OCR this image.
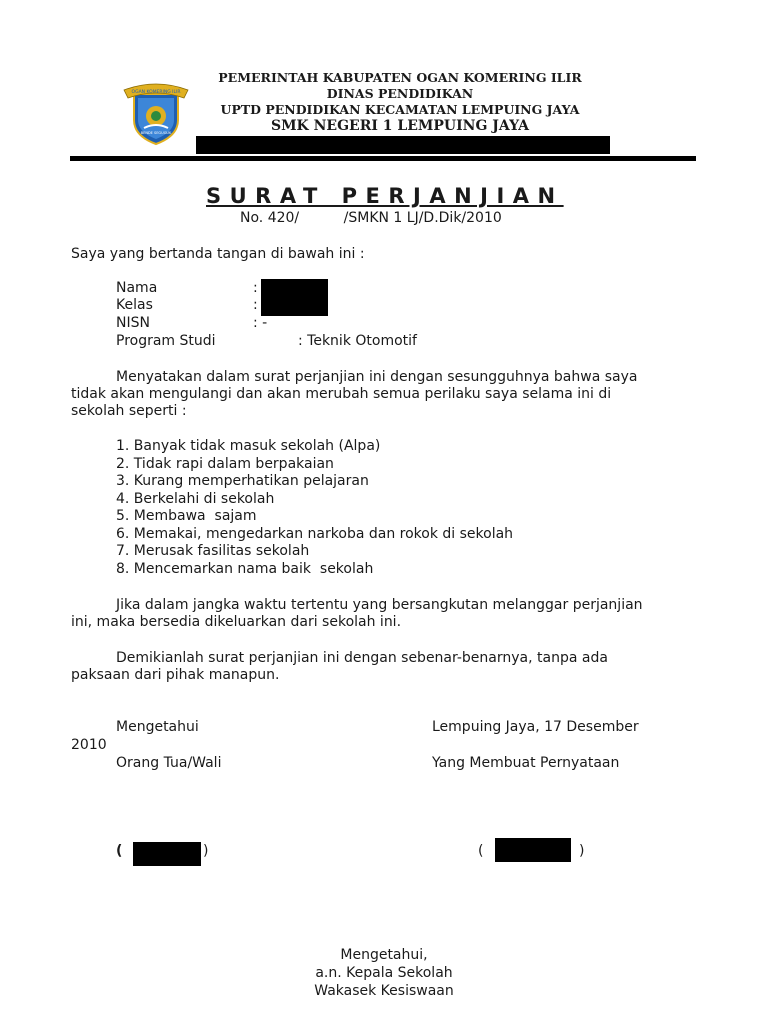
OGAN KOMERING ILIR
BENDE SEGUGUK
PEMERINTAH KABUPATEN OGAN KOMERING ILIR
DINAS PENDIDIKAN
UPTD PENDIDIKAN KECAMATAN LEMPUING JAYA
SMK NEGERI 1 LEMPUING JAYA
SURAT PERJANJIAN
No. 420/          /SMKN 1 LJ/D.Dik/2010
Saya yang bertanda tangan di bawah ini :
Nama	:
Kelas	:
NISN	: -
Program Studi	: Teknik Otomotif
Menyatakan dalam surat perjanjian ini dengan sesungguhnya bahwa saya
tidak akan mengulangi dan akan merubah semua perilaku saya selama ini di
sekolah seperti :
1. Banyak tidak masuk sekolah (Alpa)
2. Tidak rapi dalam berpakaian
3. Kurang memperhatikan pelajaran
4. Berkelahi di sekolah
5. Membawa  sajam
6. Memakai, mengedarkan narkoba dan rokok di sekolah
7. Merusak fasilitas sekolah
8. Mencemarkan nama baik  sekolah
Jika dalam jangka waktu tertentu yang bersangkutan melanggar perjanjian
ini, maka bersedia dikeluarkan dari sekolah ini.
Demikianlah surat perjanjian ini dengan sebenar-benarnya, tanpa ada
paksaan dari pihak manapun.
Mengetahui	Lempuing Jaya, 17 Desember
2010
Orang Tua/Wali	Yang Membuat Pernyataan
(	)	(	)
Mengetahui,
a.n. Kepala Sekolah
Wakasek Kesiswaan
